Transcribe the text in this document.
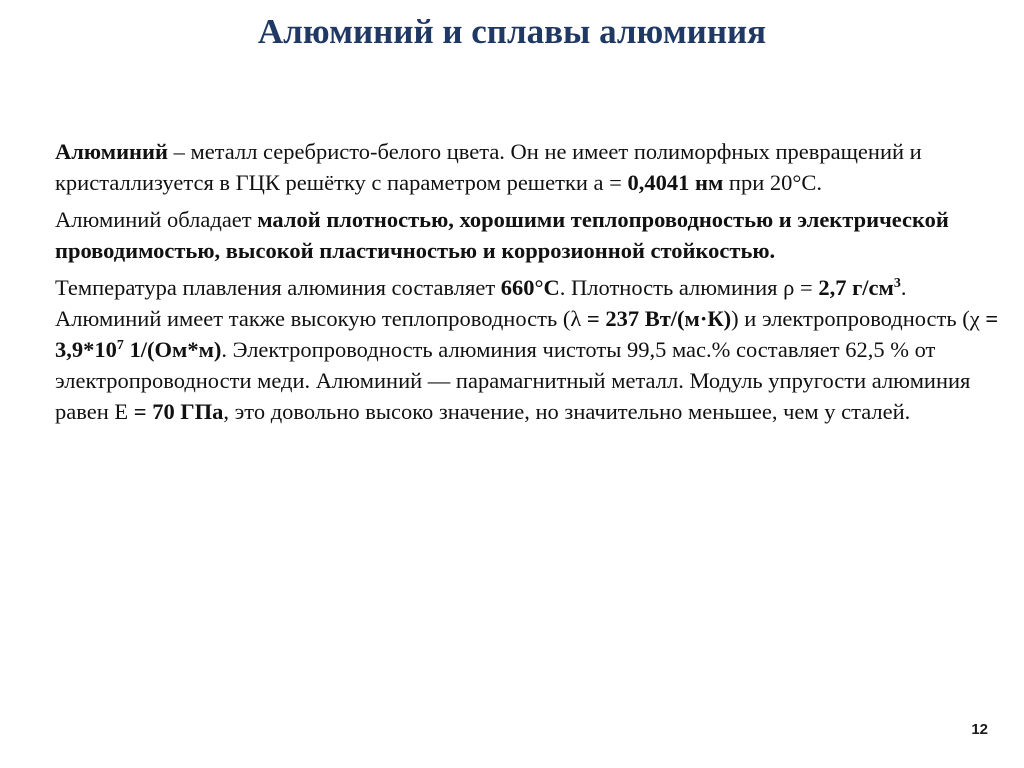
Алюминий и сплавы алюминия

Алюминий – металл серебристо-белого цвета. Он не имеет полиморфных превращений и кристаллизуется в ГЦК решётку с параметром решетки а = 0,4041 нм при 20°С.

Алюминий обладает малой плотностью, хорошими теплопроводностью и электрической проводимостью, высокой пластичностью и коррозионной стойкостью.

Температура плавления алюминия составляет 660°С. Плотность алюминия ρ = 2,7 $г/см^3$. Алюминий имеет также высокую теплопроводность (λ = 237 Вт/(м·К)) и электропроводность ($\chi = 3,9*10^7$ 1/(Ом*м). Электропроводность алюминия чистоты 99,5 мас.% составляет 62,5 % от электропроводности меди. Алюминий — парамагнитный металл. Модуль упругости алюминия равен Е = 70 ГПа, это довольно высоко значение, но значительно меньшее, чем у сталей.

12
